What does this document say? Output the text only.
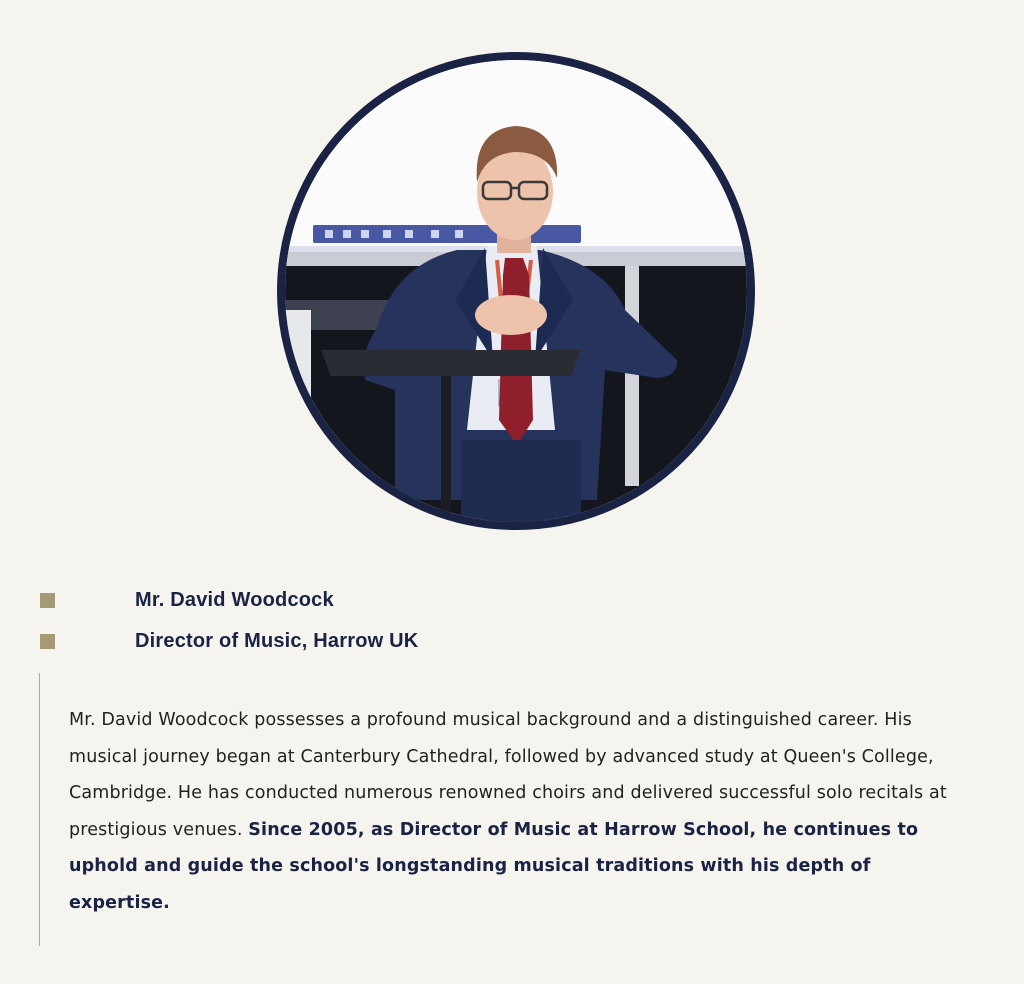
Mr. David Woodcock
Director of Music, Harrow UK

Mr. David Woodcock possesses a profound musical background and a distinguished career. His musical journey began at Canterbury Cathedral, followed by advanced study at Queen's College, Cambridge. He has conducted numerous renowned choirs and delivered successful solo recitals at prestigious venues. Since 2005, as Director of Music at Harrow School, he continues to uphold and guide the school's longstanding musical traditions with his depth of expertise.
